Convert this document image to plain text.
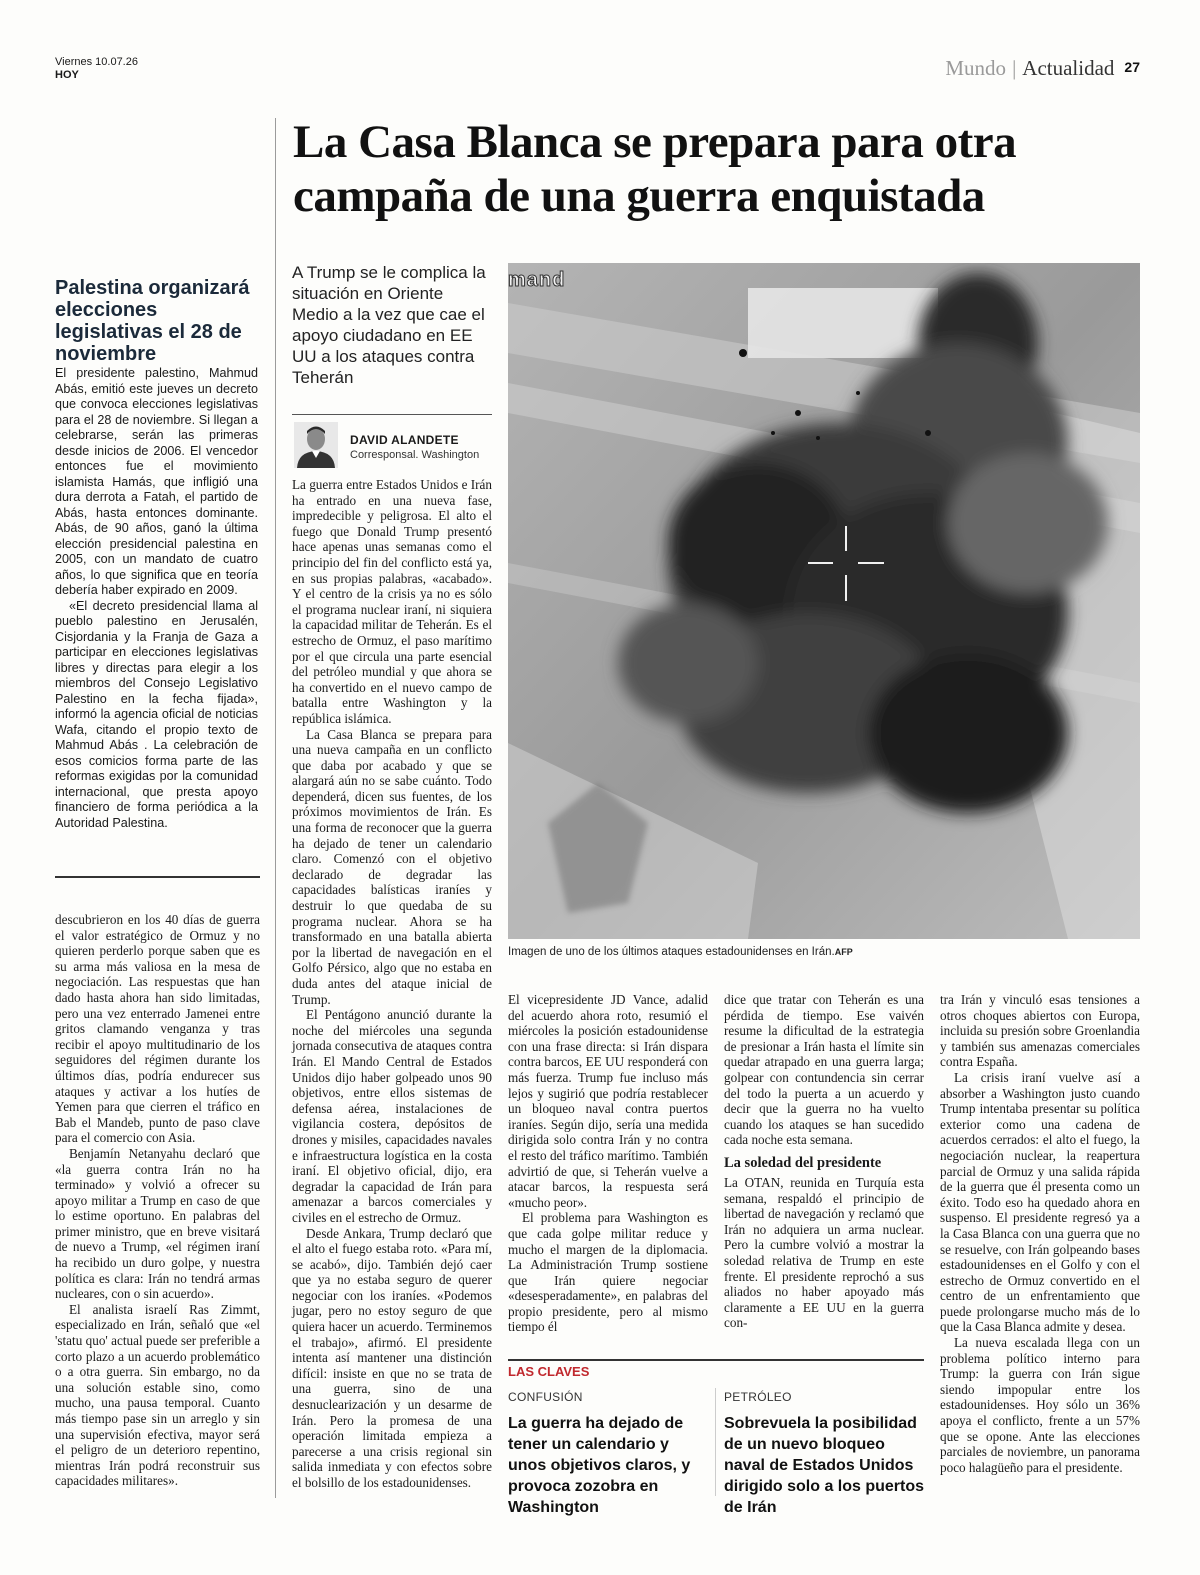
Viernes 10.07.26
HOY	Mundo | Actualidad 27
La Casa Blanca se prepara para otra campaña de una guerra enquistada
Palestina organizará elecciones legislativas el 28 de noviembre

El presidente palestino, Mahmud Abás, emitió este jueves un decreto que convoca elecciones legislativas para el 28 de noviembre. Si llegan a celebrarse, serán las primeras desde inicios de 2006. El vencedor entonces fue el movimiento islamista Hamás, que infligió una dura derrota a Fatah, el partido de Abás, hasta entonces dominante. Abás, de 90 años, ganó la última elección presidencial palestina en 2005, con un mandato de cuatro años, lo que significa que en teoría debería haber expirado en 2009.

«El decreto presidencial llama al pueblo palestino en Jerusalén, Cisjordania y la Franja de Gaza a participar en elecciones legislativas libres y directas para elegir a los miembros del Consejo Legislativo Palestino en la fecha fijada», informó la agencia oficial de noticias Wafa, citando el propio texto de Mahmud Abás . La celebración de esos comicios forma parte de las reformas exigidas por la comunidad internacional, que presta apoyo financiero de forma periódica a la Autoridad Palestina.

descubrieron en los 40 días de guerra el valor estratégico de Ormuz y no quieren perderlo porque saben que es su arma más valiosa en la mesa de negociación. Las respuestas que han dado hasta ahora han sido limitadas, pero una vez enterrado Jamenei entre gritos clamando venganza y tras recibir el apoyo multitudinario de los seguidores del régimen durante los últimos días, podría endurecer sus ataques y activar a los hutíes de Yemen para que cierren el tráfico en Bab el Mandeb, punto de paso clave para el comercio con Asia.

Benjamín Netanyahu declaró que «la guerra contra Irán no ha terminado» y volvió a ofrecer su apoyo militar a Trump en caso de que lo estime oportuno. En palabras del primer ministro, que en breve visitará de nuevo a Trump, «el régimen iraní ha recibido un duro golpe, y nuestra política es clara: Irán no tendrá armas nucleares, con o sin acuerdo».

El analista israelí Ras Zimmt, especializado en Irán, señaló que «el 'statu quo' actual puede ser preferible a corto plazo a un acuerdo problemático o a otra guerra. Sin embargo, no da una solución estable sino, como mucho, una pausa temporal. Cuanto más tiempo pase sin un arreglo y sin una supervisión efectiva, mayor será el peligro de un deterioro repentino, mientras Irán podrá reconstruir sus capacidades militares».

A Trump se le complica la situación en Oriente Medio a la vez que cae el apoyo ciudadano en EE UU a los ataques contra Teherán

DAVID ALANDETE
Corresponsal. Washington

La guerra entre Estados Unidos e Irán ha entrado en una nueva fase, impredecible y peligrosa. El alto el fuego que Donald Trump presentó hace apenas unas semanas como el principio del fin del conflicto está ya, en sus propias palabras, «acabado». Y el centro de la crisis ya no es sólo el programa nuclear iraní, ni siquiera la capacidad militar de Teherán. Es el estrecho de Ormuz, el paso marítimo por el que circula una parte esencial del petróleo mundial y que ahora se ha convertido en el nuevo campo de batalla entre Washington y la república islámica.

La Casa Blanca se prepara para una nueva campaña en un conflicto que daba por acabado y que se alargará aún no se sabe cuánto. Todo dependerá, dicen sus fuentes, de los próximos movimientos de Irán. Es una forma de reconocer que la guerra ha dejado de tener un calendario claro. Comenzó con el objetivo declarado de degradar las capacidades balísticas iraníes y destruir lo que quedaba de su programa nuclear. Ahora se ha transformado en una batalla abierta por la libertad de navegación en el Golfo Pérsico, algo que no estaba en duda antes del ataque inicial de Trump.

El Pentágono anunció durante la noche del miércoles una segunda jornada consecutiva de ataques contra Irán. El Mando Central de Estados Unidos dijo haber golpeado unos 90 objetivos, entre ellos sistemas de defensa aérea, instalaciones de vigilancia costera, depósitos de drones y misiles, capacidades navales e infraestructura logística en la costa iraní. El objetivo oficial, dijo, era degradar la capacidad de Irán para amenazar a barcos comerciales y civiles en el estrecho de Ormuz.

Desde Ankara, Trump declaró que el alto el fuego estaba roto. «Para mí, se acabó», dijo. También dejó caer que ya no estaba seguro de querer negociar con los iraníes. «Podemos jugar, pero no estoy seguro de que quiera hacer un acuerdo. Terminemos el trabajo», afirmó. El presidente intenta así mantener una distinción difícil: insiste en que no se trata de una guerra, sino de una desnuclearización y un desarme de Irán. Pero la promesa de una operación limitada empieza a parecerse a una crisis regional sin salida inmediata y con efectos sobre el bolsillo de los estadounidenses.

mand
Imagen de uno de los últimos ataques estadounidenses en Irán.AFP

El vicepresidente JD Vance, adalid del acuerdo ahora roto, resumió el miércoles la posición estadounidense con una frase directa: si Irán dispara contra barcos, EE UU responderá con más fuerza. Trump fue incluso más lejos y sugirió que podría restablecer un bloqueo naval contra puertos iraníes. Según dijo, sería una medida dirigida solo contra Irán y no contra el resto del tráfico marítimo. También advirtió de que, si Teherán vuelve a atacar barcos, la respuesta será «mucho peor».

El problema para Washington es que cada golpe militar reduce y mucho el margen de la diplomacia. La Administración Trump sostiene que Irán quiere negociar «desesperadamente», en palabras del propio presidente, pero al mismo tiempo él

dice que tratar con Teherán es una pérdida de tiempo. Ese vaivén resume la dificultad de la estrategia de presionar a Irán hasta el límite sin quedar atrapado en una guerra larga; golpear con contundencia sin cerrar del todo la puerta a un acuerdo y decir que la guerra no ha vuelto cuando los ataques se han sucedido cada noche esta semana.

La soledad del presidente

La OTAN, reunida en Turquía esta semana, respaldó el principio de libertad de navegación y reclamó que Irán no adquiera un arma nuclear. Pero la cumbre volvió a mostrar la soledad relativa de Trump en este frente. El presidente reprochó a sus aliados no haber apoyado más claramente a EE UU en la guerra con-

tra Irán y vinculó esas tensiones a otros choques abiertos con Europa, incluida su presión sobre Groenlandia y también sus amenazas comerciales contra España.

La crisis iraní vuelve así a absorber a Washington justo cuando Trump intentaba presentar su política exterior como una cadena de acuerdos cerrados: el alto el fuego, la negociación nuclear, la reapertura parcial de Ormuz y una salida rápida de la guerra que él presenta como un éxito. Todo eso ha quedado ahora en suspenso. El presidente regresó ya a la Casa Blanca con una guerra que no se resuelve, con Irán golpeando bases estadounidenses en el Golfo y con el estrecho de Ormuz convertido en el centro de un enfrentamiento que puede prolongarse mucho más de lo que la Casa Blanca admite y desea.

La nueva escalada llega con un problema político interno para Trump: la guerra con Irán sigue siendo impopular entre los estadounidenses. Hoy sólo un 36% apoya el conflicto, frente a un 57% que se opone. Ante las elecciones parciales de noviembre, un panorama poco halagüeño para el presidente.

LAS CLAVES
CONFUSIÓN

La guerra ha dejado de tener un calendario y unos objetivos claros, y provoca zozobra en Washington

PETRÓLEO

Sobrevuela la posibilidad de un nuevo bloqueo naval de Estados Unidos dirigido solo a los puertos de Irán
